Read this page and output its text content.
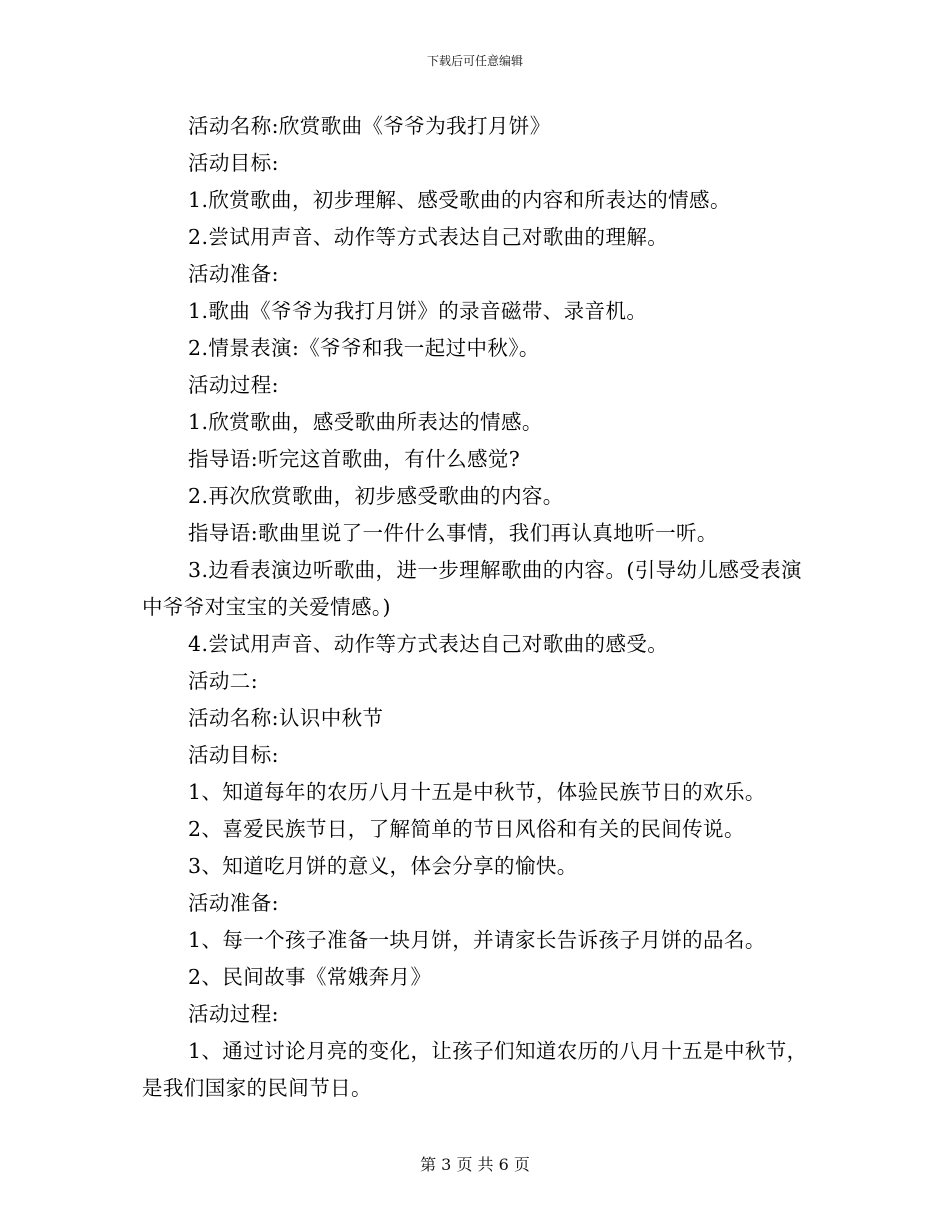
下载后可任意编辑

活动名称:欣赏歌曲《爷爷为我打月饼》

活动目标:

1.欣赏歌曲，初步理解、感受歌曲的内容和所表达的情感。

2.尝试用声音、动作等方式表达自己对歌曲的理解。

活动准备:

1.歌曲《爷爷为我打月饼》的录音磁带、录音机。

2.情景表演:《爷爷和我一起过中秋》。

活动过程:

1.欣赏歌曲，感受歌曲所表达的情感。

指导语:听完这首歌曲，有什么感觉?

2.再次欣赏歌曲，初步感受歌曲的内容。

指导语:歌曲里说了一件什么事情，我们再认真地听一听。

3.边看表演边听歌曲，进一步理解歌曲的内容。(引导幼儿感受表演中爷爷对宝宝的关爱情感。)

4.尝试用声音、动作等方式表达自己对歌曲的感受。

活动二:

活动名称:认识中秋节

活动目标:

1、知道每年的农历八月十五是中秋节，体验民族节日的欢乐。

2、喜爱民族节日，了解简单的节日风俗和有关的民间传说。

3、知道吃月饼的意义，体会分享的愉快。

活动准备:

1、每一个孩子准备一块月饼，并请家长告诉孩子月饼的品名。

2、民间故事《常娥奔月》

活动过程:

1、通过讨论月亮的变化，让孩子们知道农历的八月十五是中秋节，是我们国家的民间节日。

第 3 页 共 6 页
